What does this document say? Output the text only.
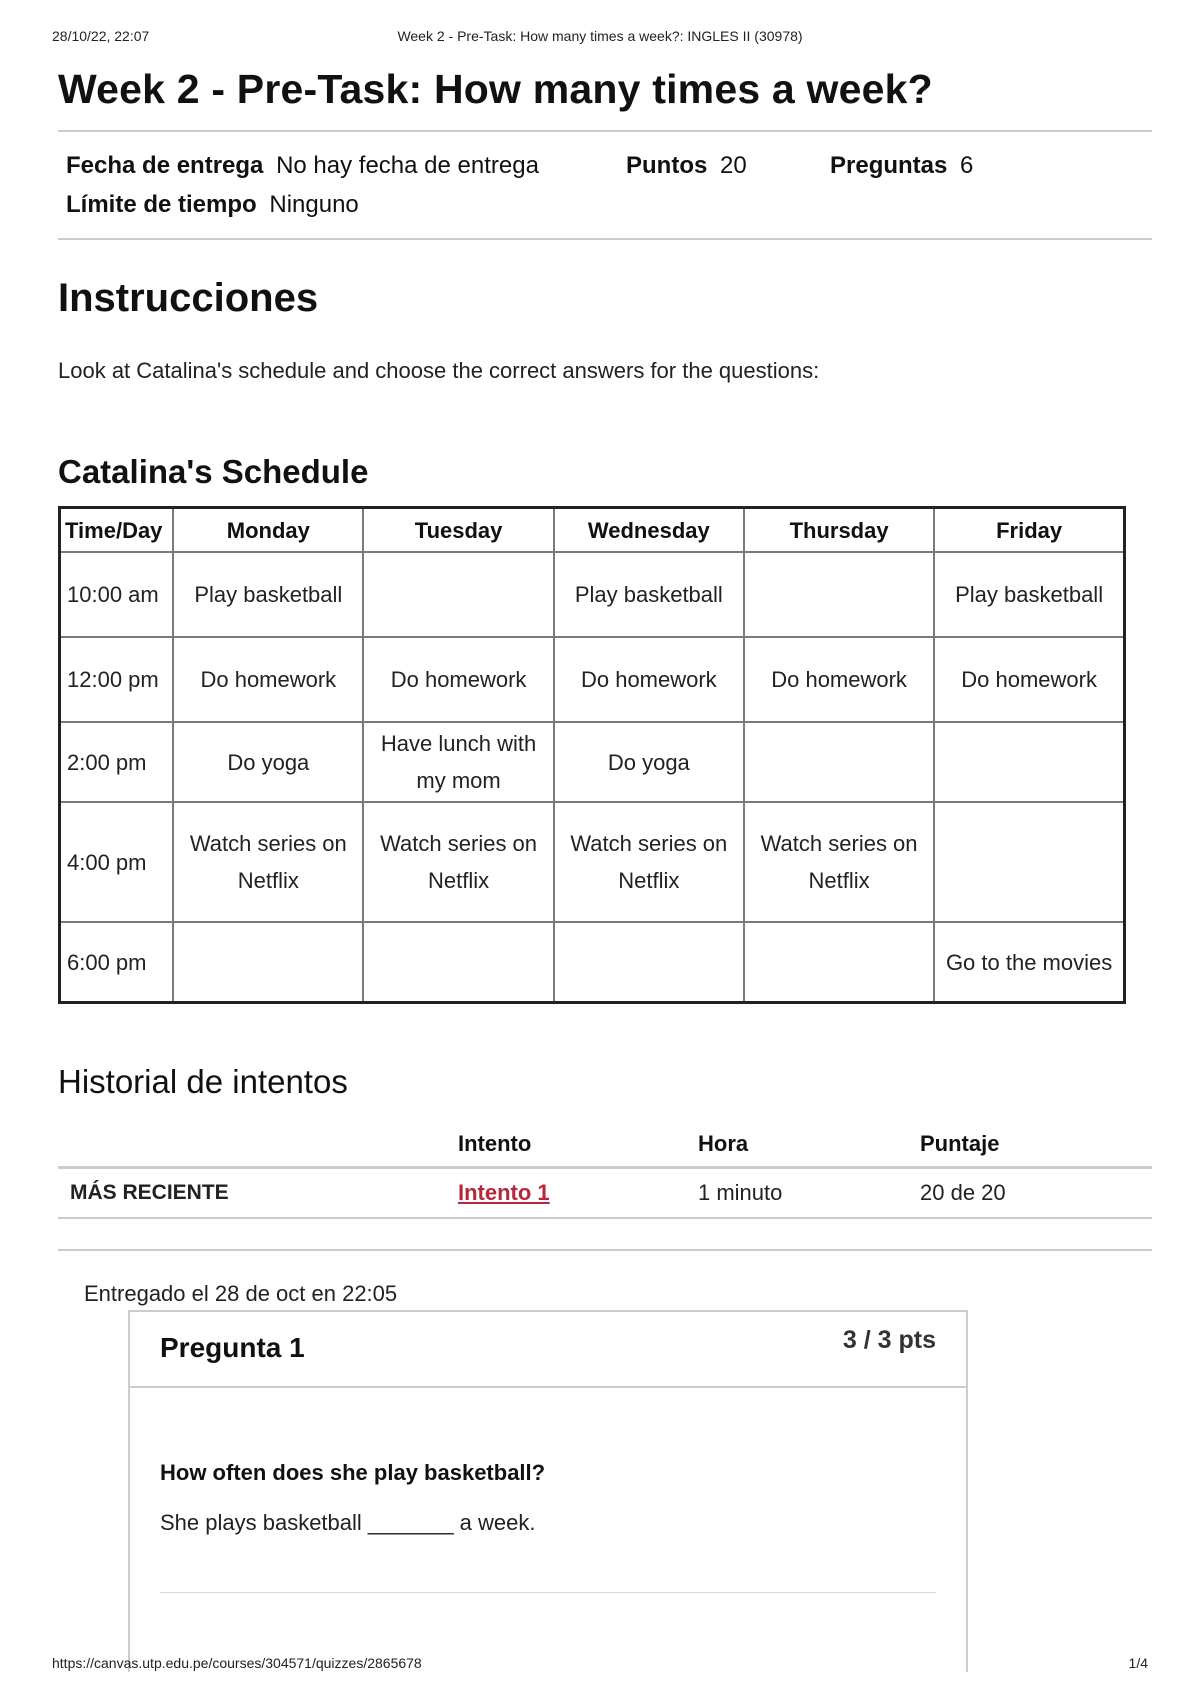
28/10/22, 22:07	Week 2 - Pre-Task: How many times a week?: INGLES II (30978)
Week 2 - Pre-Task: How many times a week?
Fecha de entrega No hay fecha de entrega	Puntos 20	Preguntas 6
Límite de tiempo Ninguno
Instrucciones

Look at Catalina's schedule and choose the correct answers for the questions:

Catalina's Schedule
Time/Day	Monday	Tuesday	Wednesday	Thursday	Friday
10:00 am	Play basketball		Play basketball		Play basketball
12:00 pm	Do homework	Do homework	Do homework	Do homework	Do homework
2:00 pm	Do yoga	Have lunch with my mom	Do yoga		
4:00 pm	Watch series on Netflix	Watch series on Netflix	Watch series on Netflix	Watch series on Netflix	
6:00 pm					Go to the movies
Historial de intentos
	Intento	Hora	Puntaje
MÁS RECIENTE	Intento 1	1 minuto	20 de 20
Entregado el 28 de oct en 22:05
Pregunta 1	3 / 3 pts
How often does she play basketball?
She plays basketball _______ a week.
https://canvas.utp.edu.pe/courses/304571/quizzes/2865678	1/4
